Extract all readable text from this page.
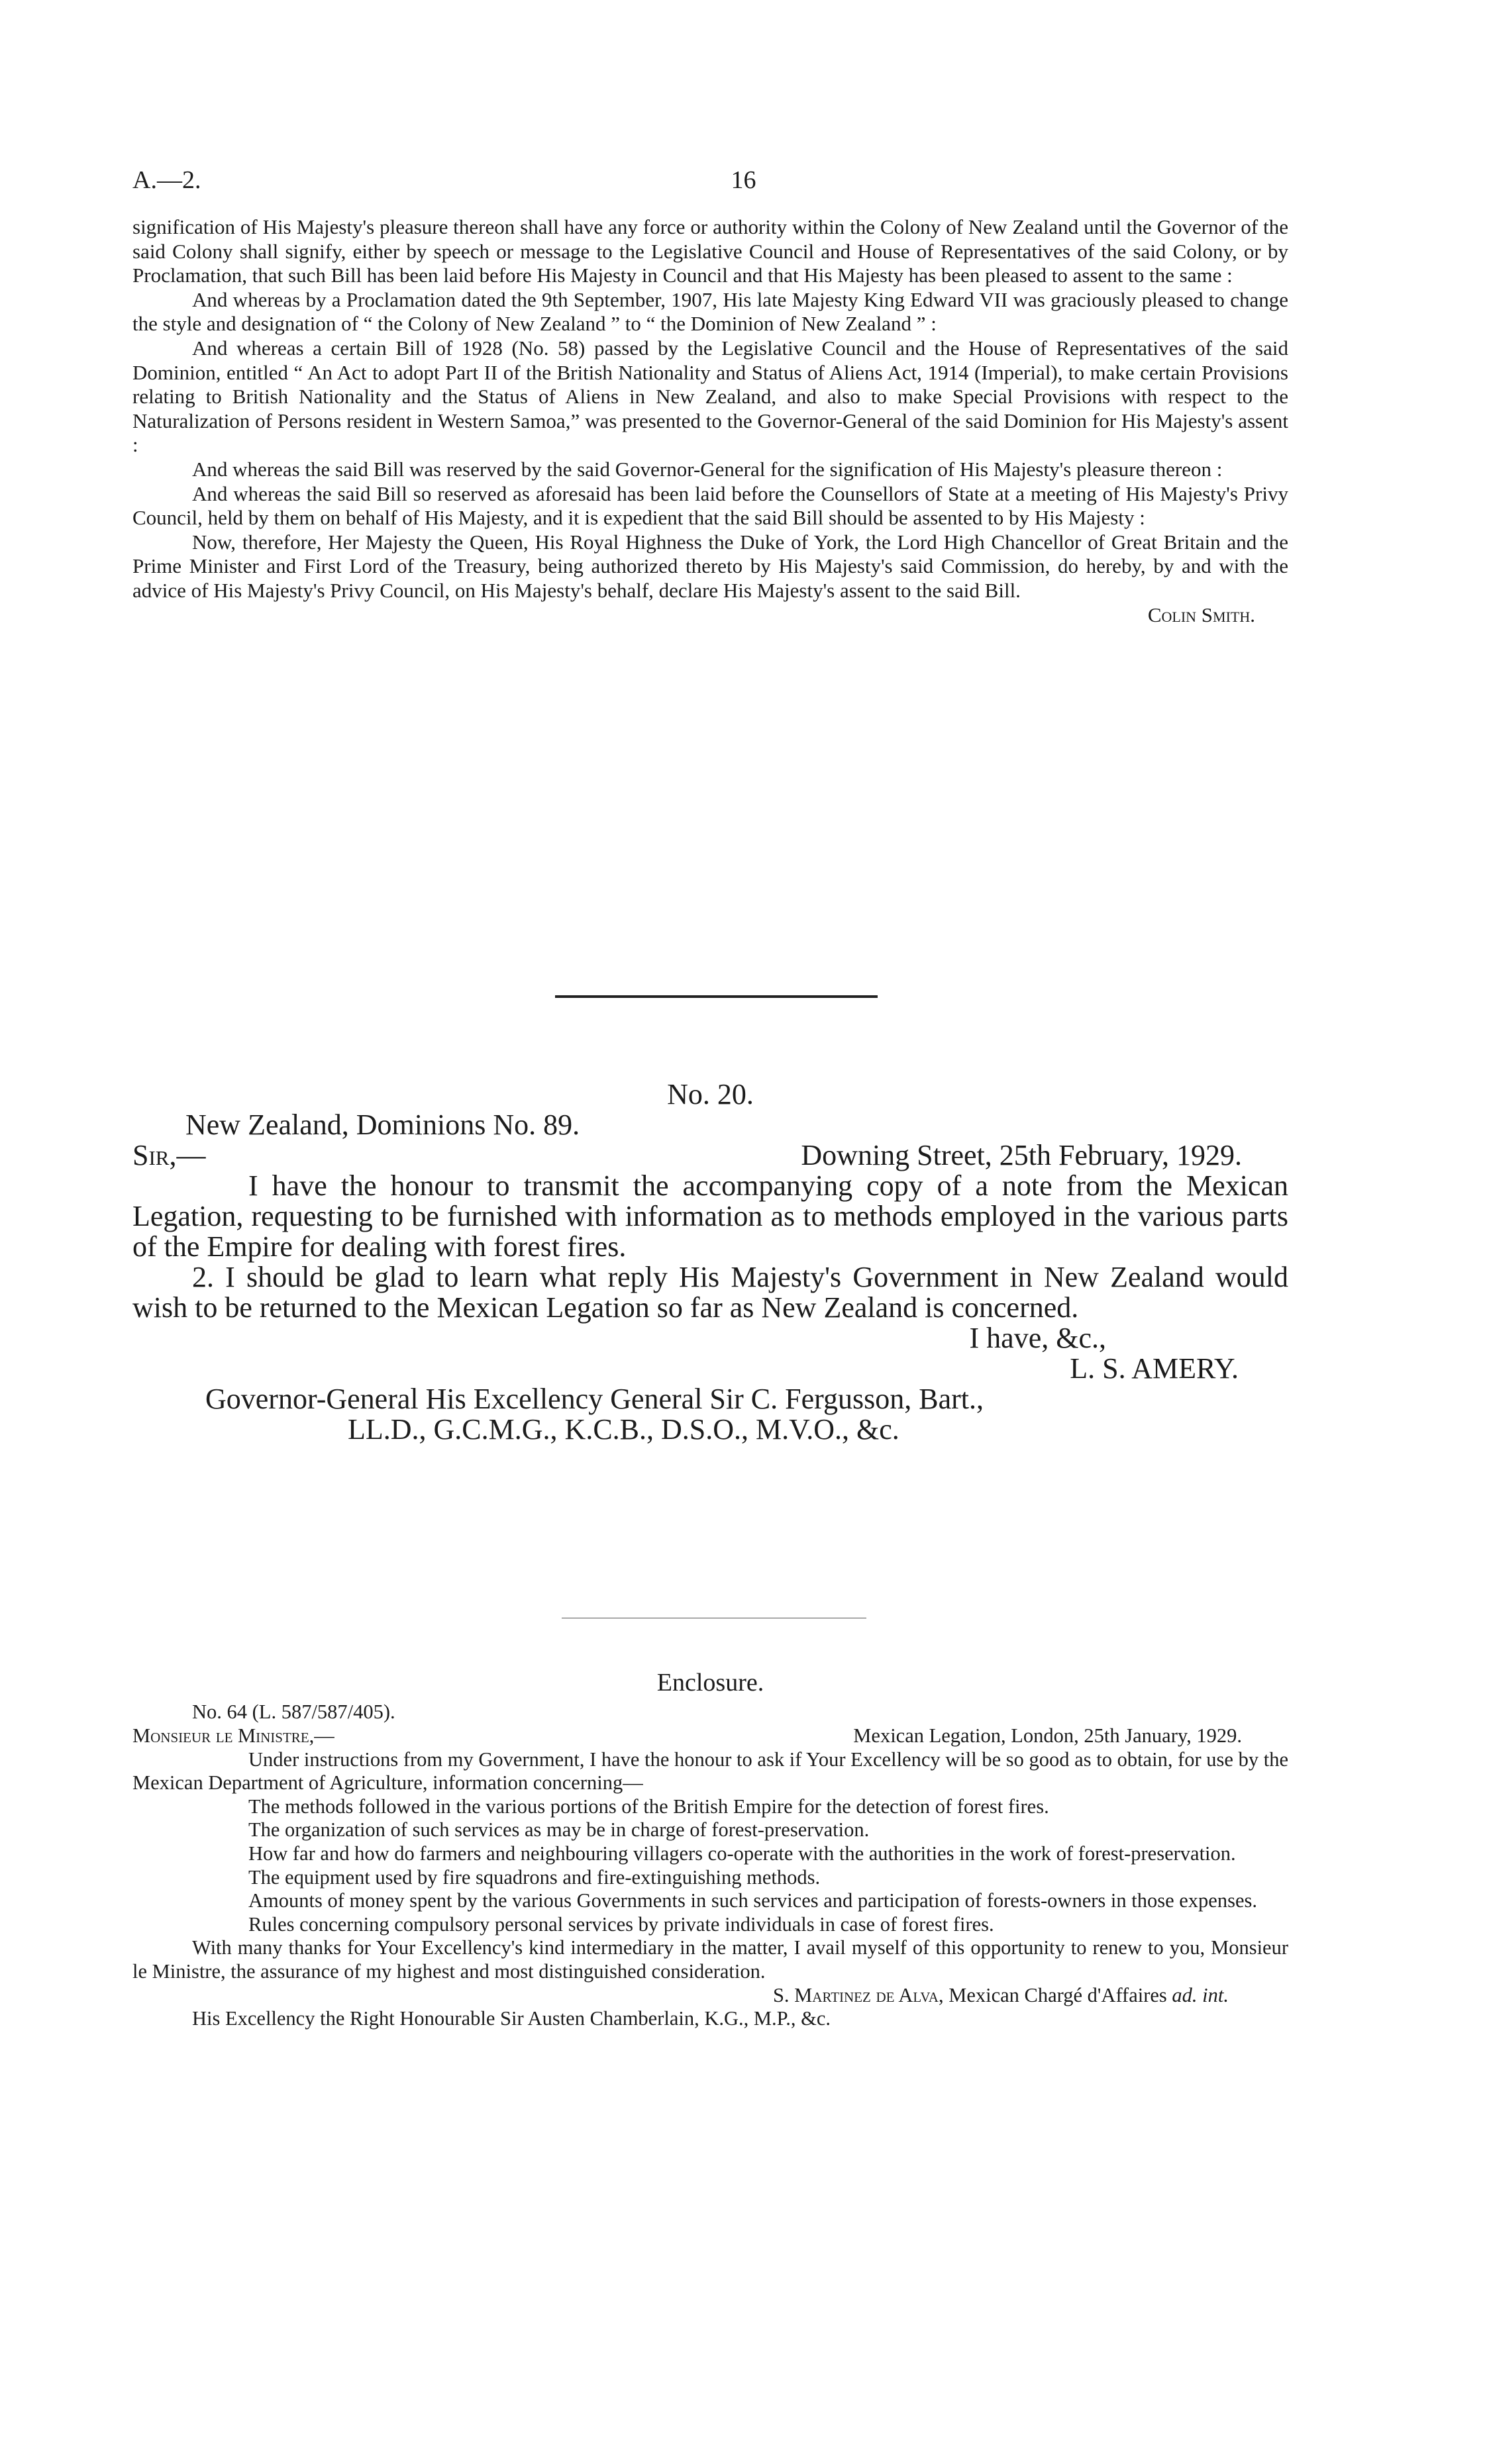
A.—2.	16

signification of His Majesty's pleasure thereon shall have any force or authority within the Colony of New Zealand until the Governor of the said Colony shall signify, either by speech or message to the Legislative Council and House of Representatives of the said Colony, or by Proclamation, that such Bill has been laid before His Majesty in Council and that His Majesty has been pleased to assent to the same :

And whereas by a Proclamation dated the 9th September, 1907, His late Majesty King Edward VII was graciously pleased to change the style and designation of “ the Colony of New Zealand ” to “ the Dominion of New Zealand ” :

And whereas a certain Bill of 1928 (No. 58) passed by the Legislative Council and the House of Representatives of the said Dominion, entitled “ An Act to adopt Part II of the British Nationality and Status of Aliens Act, 1914 (Imperial), to make certain Provisions relating to British Nationality and the Status of Aliens in New Zealand, and also to make Special Provisions with respect to the Naturalization of Persons resident in Western Samoa,” was presented to the Governor-General of the said Dominion for His Majesty's assent :

And whereas the said Bill was reserved by the said Governor-General for the signification of His Majesty's pleasure thereon :

And whereas the said Bill so reserved as aforesaid has been laid before the Counsellors of State at a meeting of His Majesty's Privy Council, held by them on behalf of His Majesty, and it is expedient that the said Bill should be assented to by His Majesty :

Now, therefore, Her Majesty the Queen, His Royal Highness the Duke of York, the Lord High Chancellor of Great Britain and the Prime Minister and First Lord of the Treasury, being authorized thereto by His Majesty's said Commission, do hereby, by and with the advice of His Majesty's Privy Council, on His Majesty's behalf, declare His Majesty's assent to the said Bill.

Colin Smith.

No. 20.

New Zealand, Dominions No. 89.

Sir,—	Downing Street, 25th February, 1929.

I have the honour to transmit the accompanying copy of a note from the Mexican Legation, requesting to be furnished with information as to methods employed in the various parts of the Empire for dealing with forest fires.

2. I should be glad to learn what reply His Majesty's Government in New Zealand would wish to be returned to the Mexican Legation so far as New Zealand is concerned.

I have, &c.,

L. S. AMERY.

Governor-General His Excellency General Sir C. Fergusson, Bart.,

LL.D., G.C.M.G., K.C.B., D.S.O., M.V.O., &c.

Enclosure.

No. 64 (L. 587/587/405).

Monsieur le Ministre,—	Mexican Legation, London, 25th January, 1929.

Under instructions from my Government, I have the honour to ask if Your Excellency will be so good as to obtain, for use by the Mexican Department of Agriculture, information concerning—

The methods followed in the various portions of the British Empire for the detection of forest fires.

The organization of such services as may be in charge of forest-preservation.

How far and how do farmers and neighbouring villagers co-operate with the authorities in the work of forest-preservation.

The equipment used by fire squadrons and fire-extinguishing methods.

Amounts of money spent by the various Governments in such services and participation of forests-owners in those expenses.

Rules concerning compulsory personal services by private individuals in case of forest fires.

With many thanks for Your Excellency's kind intermediary in the matter, I avail myself of this opportunity to renew to you, Monsieur le Ministre, the assurance of my highest and most distinguished consideration.

S. Martinez de Alva, Mexican Chargé d'Affaires ad. int.

His Excellency the Right Honourable Sir Austen Chamberlain, K.G., M.P., &c.
